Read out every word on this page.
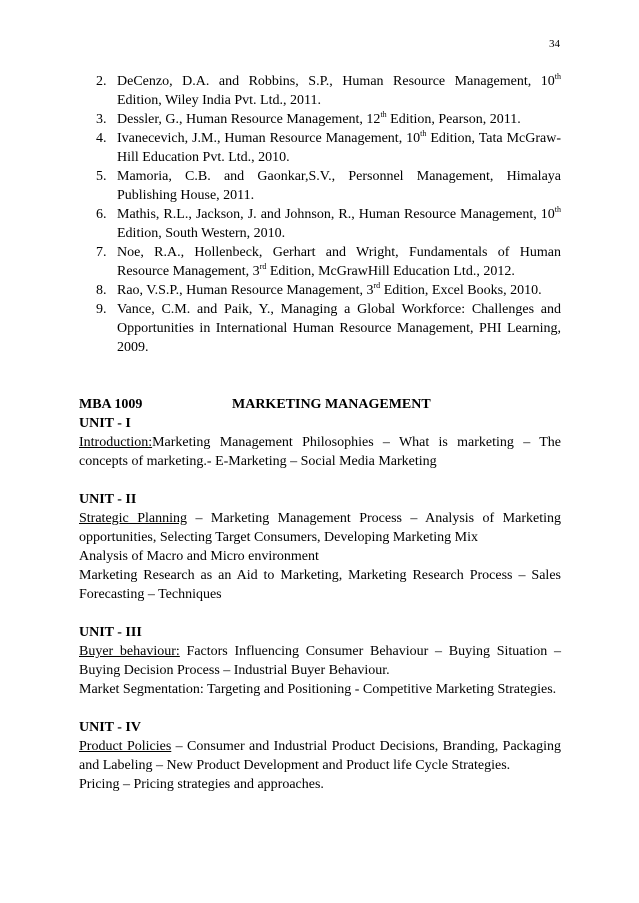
34
2. DeCenzo, D.A. and Robbins, S.P., Human Resource Management, 10th Edition, Wiley India Pvt. Ltd., 2011.
3. Dessler, G., Human Resource Management, 12th Edition, Pearson, 2011.
4. Ivanecevich, J.M., Human Resource Management, 10th Edition, Tata McGraw-Hill Education Pvt. Ltd., 2010.
5. Mamoria, C.B. and Gaonkar,S.V., Personnel Management, Himalaya Publishing House, 2011.
6. Mathis, R.L., Jackson, J. and Johnson, R., Human Resource Management, 10th Edition, South Western, 2010.
7. Noe, R.A., Hollenbeck, Gerhart and Wright, Fundamentals of Human Resource Management, 3rd Edition, McGrawHill Education Ltd., 2012.
8. Rao, V.S.P., Human Resource Management, 3rd Edition, Excel Books, 2010.
9. Vance, C.M. and Paik, Y., Managing a Global Workforce: Challenges and Opportunities in International Human Resource Management, PHI Learning, 2009.
MBA 1009	MARKETING MANAGEMENT
UNIT - I
Introduction:Marketing Management Philosophies – What is marketing – The concepts of marketing.- E-Marketing – Social Media Marketing
UNIT - II
Strategic Planning – Marketing Management Process – Analysis of Marketing opportunities, Selecting Target Consumers, Developing Marketing Mix
Analysis of Macro and Micro environment
Marketing Research as an Aid to Marketing, Marketing Research Process – Sales Forecasting – Techniques
UNIT - III
Buyer behaviour: Factors Influencing Consumer Behaviour – Buying Situation – Buying Decision Process – Industrial Buyer Behaviour.
Market Segmentation: Targeting and Positioning - Competitive Marketing Strategies.
UNIT - IV
Product Policies – Consumer and Industrial Product Decisions, Branding, Packaging and Labeling – New Product Development and Product life Cycle Strategies.
Pricing – Pricing strategies and approaches.
